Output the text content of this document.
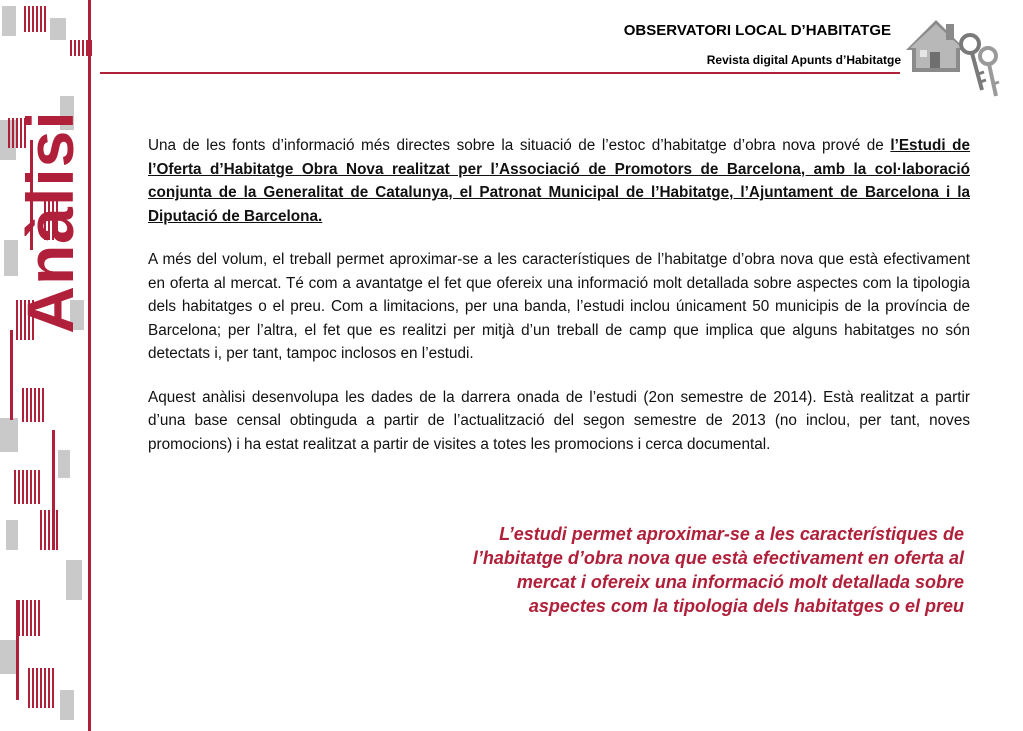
Anàlisi
OBSERVATORI LOCAL D’HABITATGE
Revista digital Apunts d’Habitatge

Una de les fonts d’informació més directes sobre la situació de l’estoc d’habitatge d’obra nova prové de l’Estudi de l’Oferta d’Habitatge Obra Nova realitzat per l’Associació de Promotors de Barcelona, amb la col·laboració conjunta de la Generalitat de Catalunya, el Patronat Municipal de l’Habitatge, l’Ajuntament de Barcelona i la Diputació de Barcelona.

A més del volum, el treball permet aproximar-se a les característiques de l’habitatge d’obra nova que està efectivament en oferta al mercat. Té com a avantatge el fet que ofereix una informació molt detallada sobre aspectes com la tipologia dels habitatges o el preu. Com a limitacions, per una banda, l’estudi inclou únicament 50 municipis de la província de Barcelona; per l’altra, el fet que es realitzi per mitjà d’un treball de camp que implica que alguns habitatges no són detectats i, per tant, tampoc inclosos en l’estudi.

Aquest anàlisi desenvolupa les dades de la darrera onada de l’estudi (2on semestre de 2014). Està realitzat a partir d’una base censal obtinguda a partir de l’actualització del segon semestre de 2013 (no inclou, per tant, noves promocions) i ha estat realitzat a partir de visites a totes les promocions i cerca documental.

L’estudi permet aproximar-se a les característiques de l’habitatge d’obra nova que està efectivament en oferta al mercat i ofereix una informació molt detallada sobre aspectes com la tipologia dels habitatges o el preu
